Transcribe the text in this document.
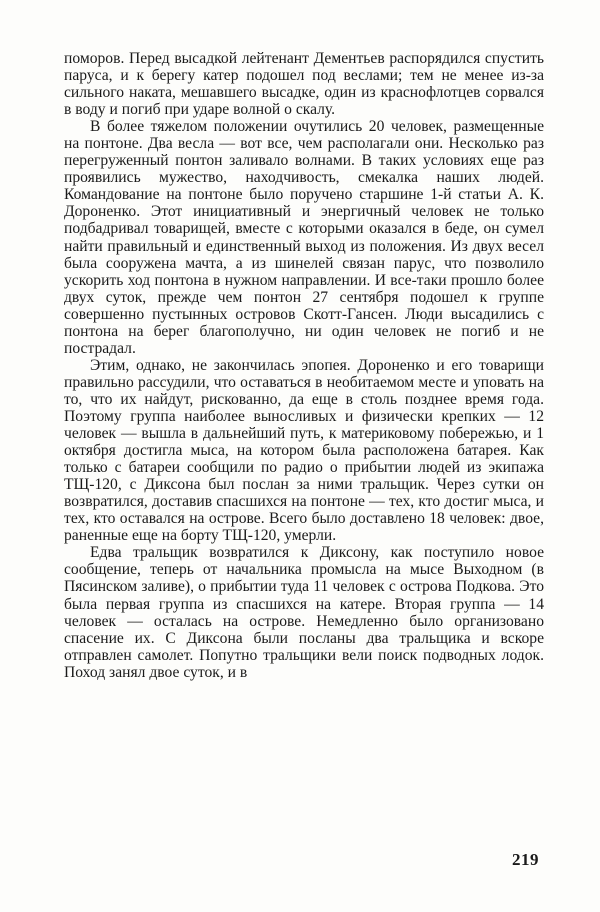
поморов. Перед высадкой лейтенант Дементьев распорядился спустить паруса, и к берегу катер подошел под веслами; тем не менее из-за сильного наката, мешавшего высадке, один из краснофлотцев сорвался в воду и погиб при ударе волной о скалу.

В более тяжелом положении очутились 20 человек, размещенные на понтоне. Два весла — вот все, чем располагали они. Несколько раз перегруженный понтон заливало волнами. В таких условиях еще раз проявились мужество, находчивость, смекалка наших людей. Командование на понтоне было поручено старшине 1-й статьи А. К. Дороненко. Этот инициативный и энергичный человек не только подбадривал товарищей, вместе с которыми оказался в беде, он сумел найти правильный и единственный выход из положения. Из двух весел была сооружена мачта, а из шинелей связан парус, что позволило ускорить ход понтона в нужном направлении. И все-таки прошло более двух суток, прежде чем понтон 27 сентября подошел к группе совершенно пустынных островов Скотт-Гансен. Люди высадились с понтона на берег благополучно, ни один человек не погиб и не пострадал.

Этим, однако, не закончилась эпопея. Дороненко и его товарищи правильно рассудили, что оставаться в необитаемом месте и уповать на то, что их найдут, рискованно, да еще в столь позднее время года. Поэтому группа наиболее выносливых и физически крепких — 12 человек — вышла в дальнейший путь, к материковому побережью, и 1 октября достигла мыса, на котором была расположена батарея. Как только с батареи сообщили по радио о прибытии людей из экипажа ТЩ-120, с Диксона был послан за ними тральщик. Через сутки он возвратился, доставив спасшихся на понтоне — тех, кто достиг мыса, и тех, кто оставался на острове. Всего было доставлено 18 человек: двое, раненные еще на борту ТЩ-120, умерли.

Едва тральщик возвратился к Диксону, как поступило новое сообщение, теперь от начальника промысла на мысе Выходном (в Пясинском заливе), о прибытии туда 11 человек с острова Подкова. Это была первая группа из спасшихся на катере. Вторая группа — 14 человек — осталась на острове. Немедленно было организовано спасение их. С Диксона были посланы два тральщика и вскоре отправлен самолет. Попутно тральщики вели поиск подводных лодок. Поход занял двое суток, и в

219
